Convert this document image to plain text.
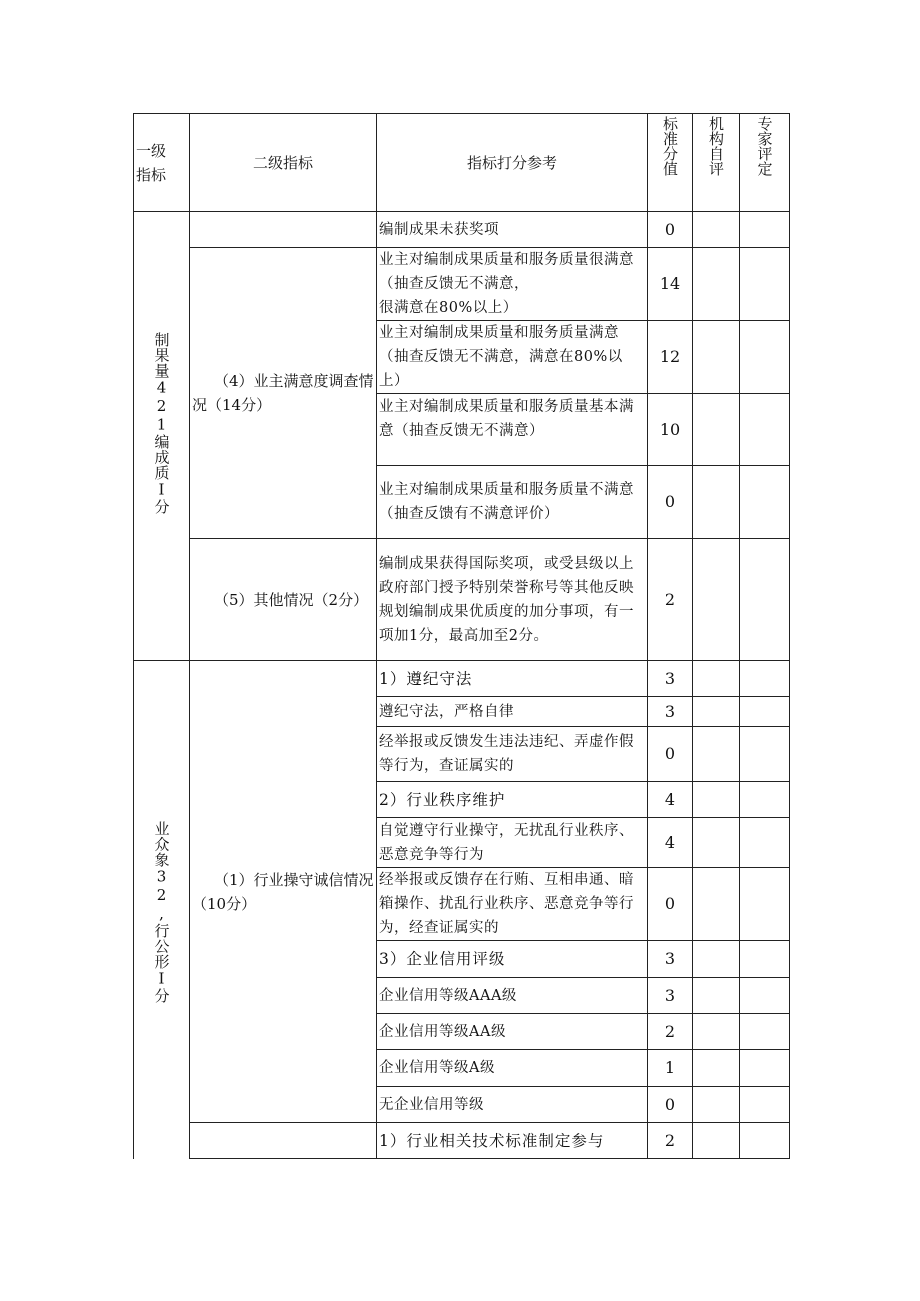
一级
指标	二级指标	指标打分参考	标准分值	机构自评	专家评定
制果量421编成质I分		编制成果未获奖项	0		
	（4）业主满意度调查情况（14分）	业主对编制成果质量和服务质量很满意（抽查反馈无不满意，
很满意在80%以上）	14		
		业主对编制成果质量和服务质量满意（抽查反馈无不满意，满意在80%以上）	12		
		业主对编制成果质量和服务质量基本满意（抽查反馈无不满意）	10		
		业主对编制成果质量和服务质量不满意（抽查反馈有不满意评价）	0		
	（5）其他情况（2分）	编制成果获得国际奖项，或受县级以上政府部门授予特别荣誉称号等其他反映规划编制成果优质度的加分事项，有一项加1分，最高加至2分。	2		
业众象32,行公形I分	（1）行业操守诚信情况（10分）	1）遵纪守法	3		
		遵纪守法，严格自律	3		
		经举报或反馈发生违法违纪、弄虚作假等行为，查证属实的	0		
		2）行业秩序维护	4		
		自觉遵守行业操守，无扰乱行业秩序、恶意竞争等行为	4		
		经举报或反馈存在行贿、互相串通、暗箱操作、扰乱行业秩序、恶意竞争等行为，经查证属实的	0		
		3）企业信用评级	3		
		企业信用等级AAA级	3		
		企业信用等级AA级	2		
		企业信用等级A级	1		
		无企业信用等级	0		
		1）行业相关技术标准制定参与	2		
